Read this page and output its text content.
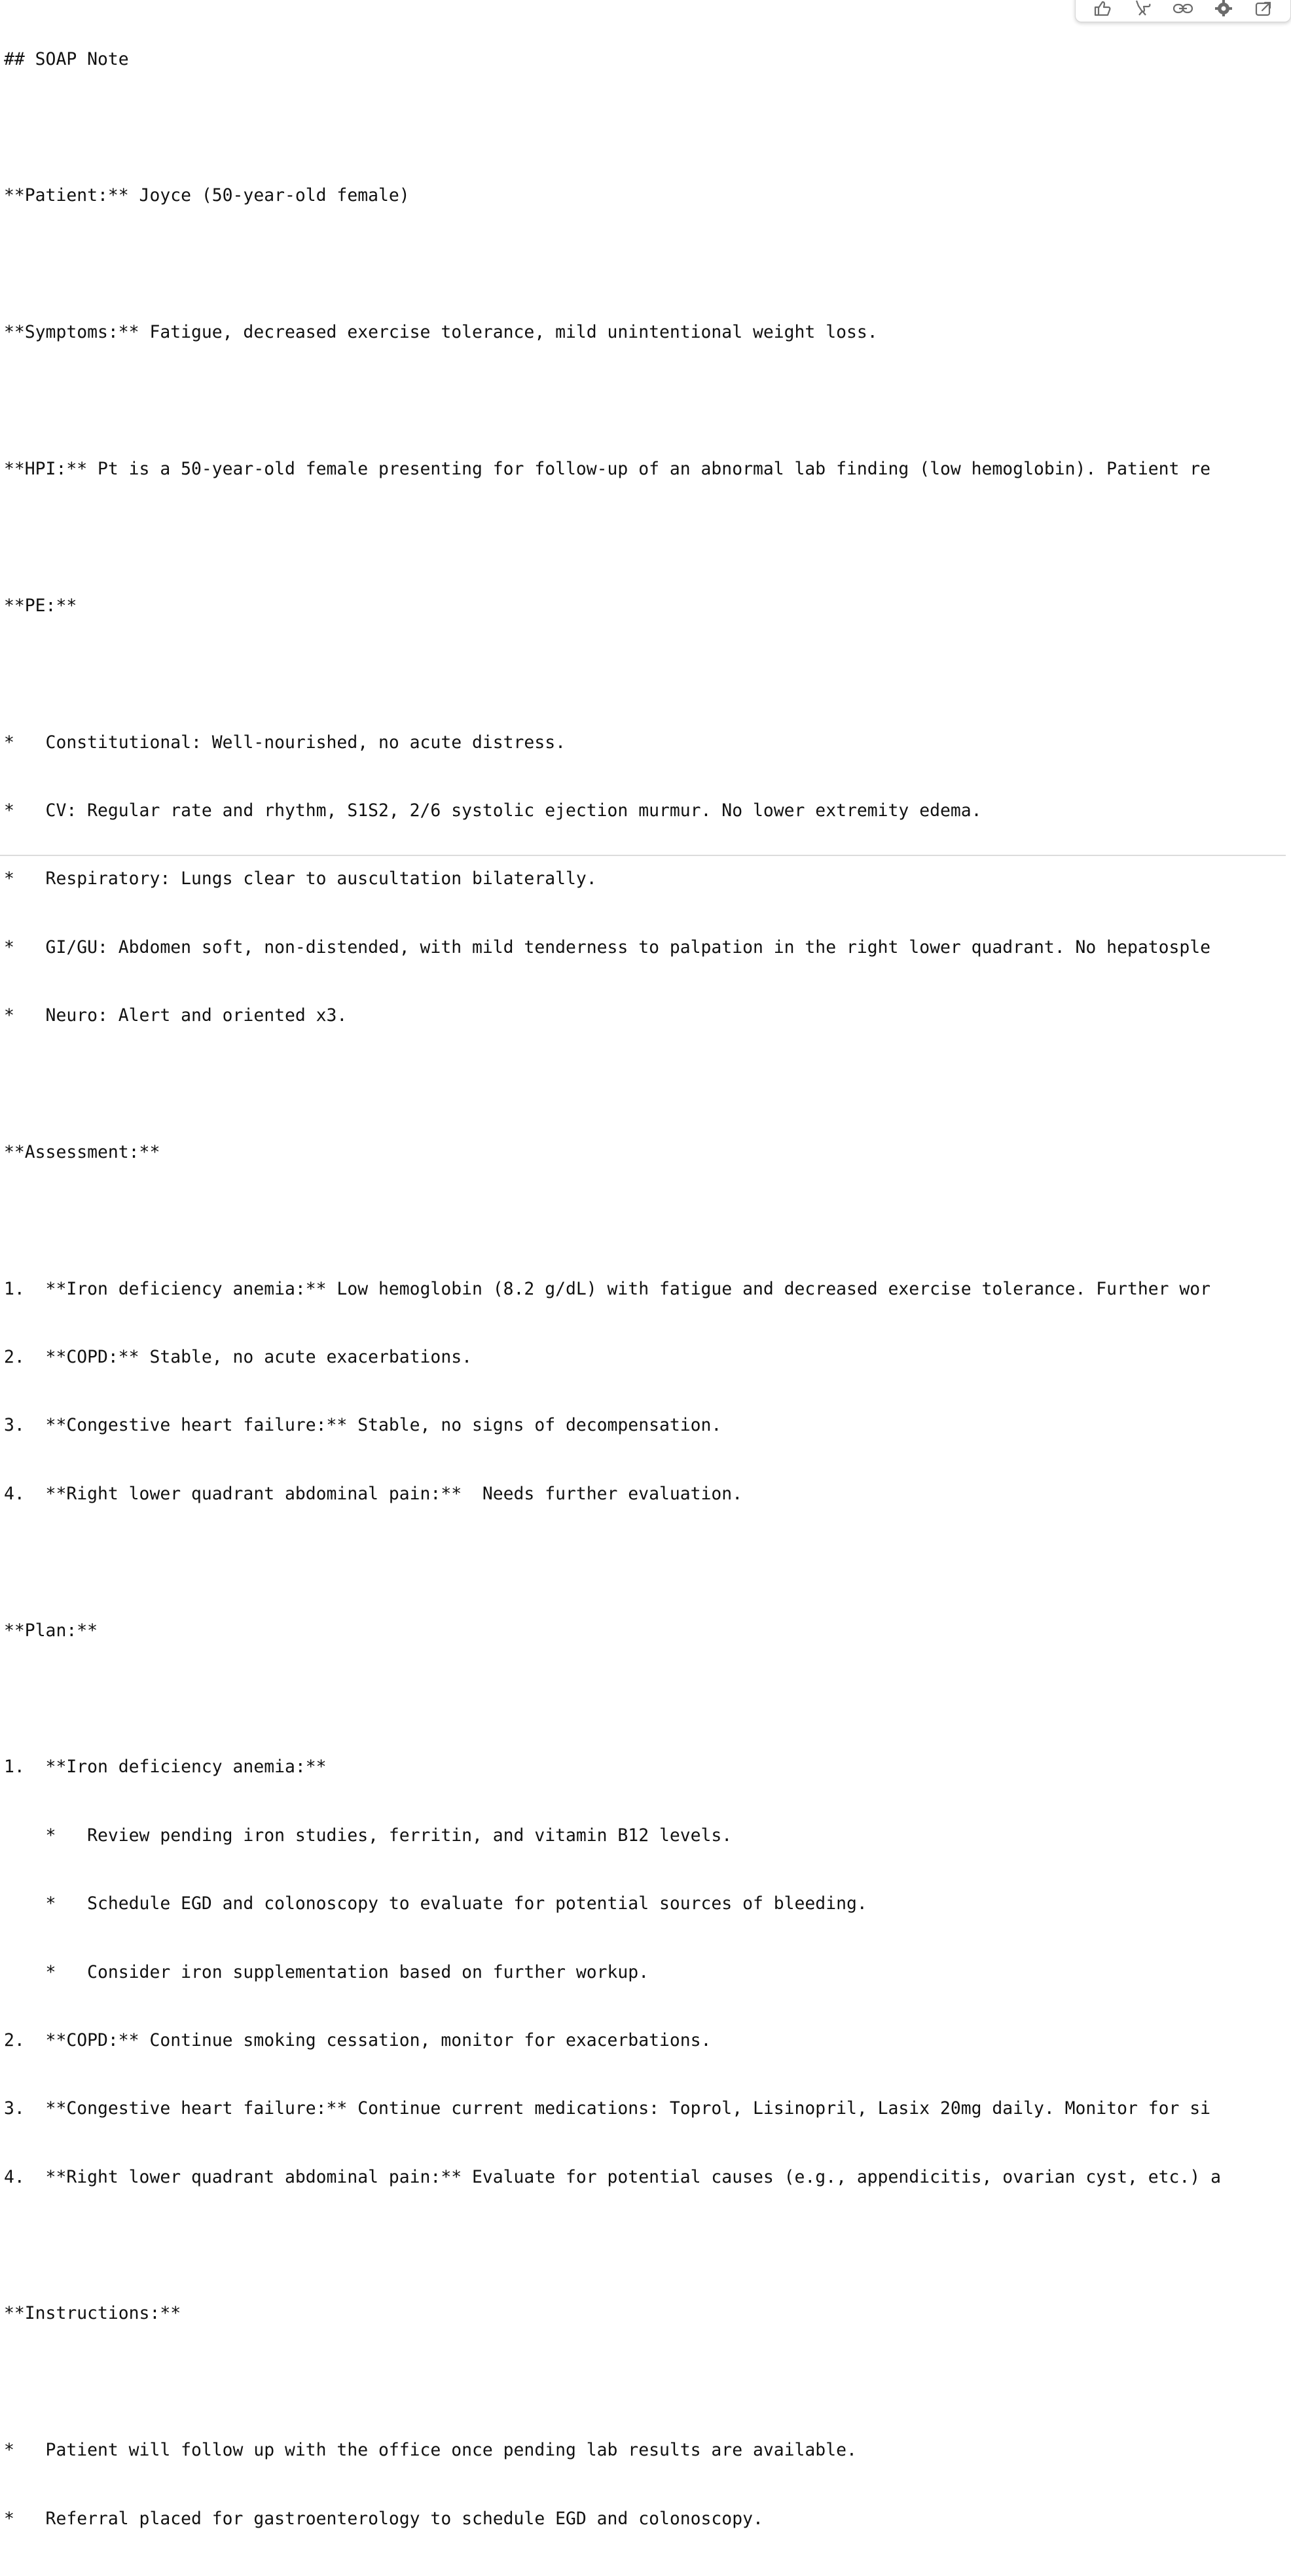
## SOAP Note

**Patient:** Joyce (50-year-old female)

**Symptoms:** Fatigue, decreased exercise tolerance, mild unintentional weight loss.

**HPI:** Pt is a 50-year-old female presenting for follow-up of an abnormal lab finding (low hemoglobin). Patient re

**PE:**

*   Constitutional: Well-nourished, no acute distress.

*   CV: Regular rate and rhythm, S1S2, 2/6 systolic ejection murmur. No lower extremity edema.

*   Respiratory: Lungs clear to auscultation bilaterally.

*   GI/GU: Abdomen soft, non-distended, with mild tenderness to palpation in the right lower quadrant. No hepatosple

*   Neuro: Alert and oriented x3.

**Assessment:**

1.  **Iron deficiency anemia:** Low hemoglobin (8.2 g/dL) with fatigue and decreased exercise tolerance. Further wor

2.  **COPD:** Stable, no acute exacerbations.

3.  **Congestive heart failure:** Stable, no signs of decompensation.

4.  **Right lower quadrant abdominal pain:**  Needs further evaluation.

**Plan:**

1.  **Iron deficiency anemia:**

*   Review pending iron studies, ferritin, and vitamin B12 levels.

*   Schedule EGD and colonoscopy to evaluate for potential sources of bleeding.

*   Consider iron supplementation based on further workup.

2.  **COPD:** Continue smoking cessation, monitor for exacerbations.

3.  **Congestive heart failure:** Continue current medications: Toprol, Lisinopril, Lasix 20mg daily. Monitor for si

4.  **Right lower quadrant abdominal pain:** Evaluate for potential causes (e.g., appendicitis, ovarian cyst, etc.) a

**Instructions:**

*   Patient will follow up with the office once pending lab results are available.

*   Referral placed for gastroenterology to schedule EGD and colonoscopy.
